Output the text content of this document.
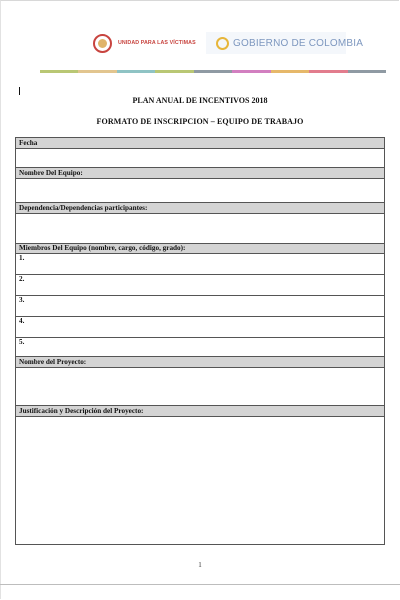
UNIDAD PARA LAS VÍCTIMAS	GOBIERNO DE COLOMBIA
PLAN ANUAL DE INCENTIVOS 2018
FORMATO DE INSCRIPCION – EQUIPO DE TRABAJO
Fecha
Nombre Del Equipo:
Dependencia/Dependencias participantes:
Miembros Del Equipo (nombre, cargo, código, grado):
1.
2.
3.
4.
5.
Nombre del Proyecto:
Justificación y Descripción del Proyecto:
1
